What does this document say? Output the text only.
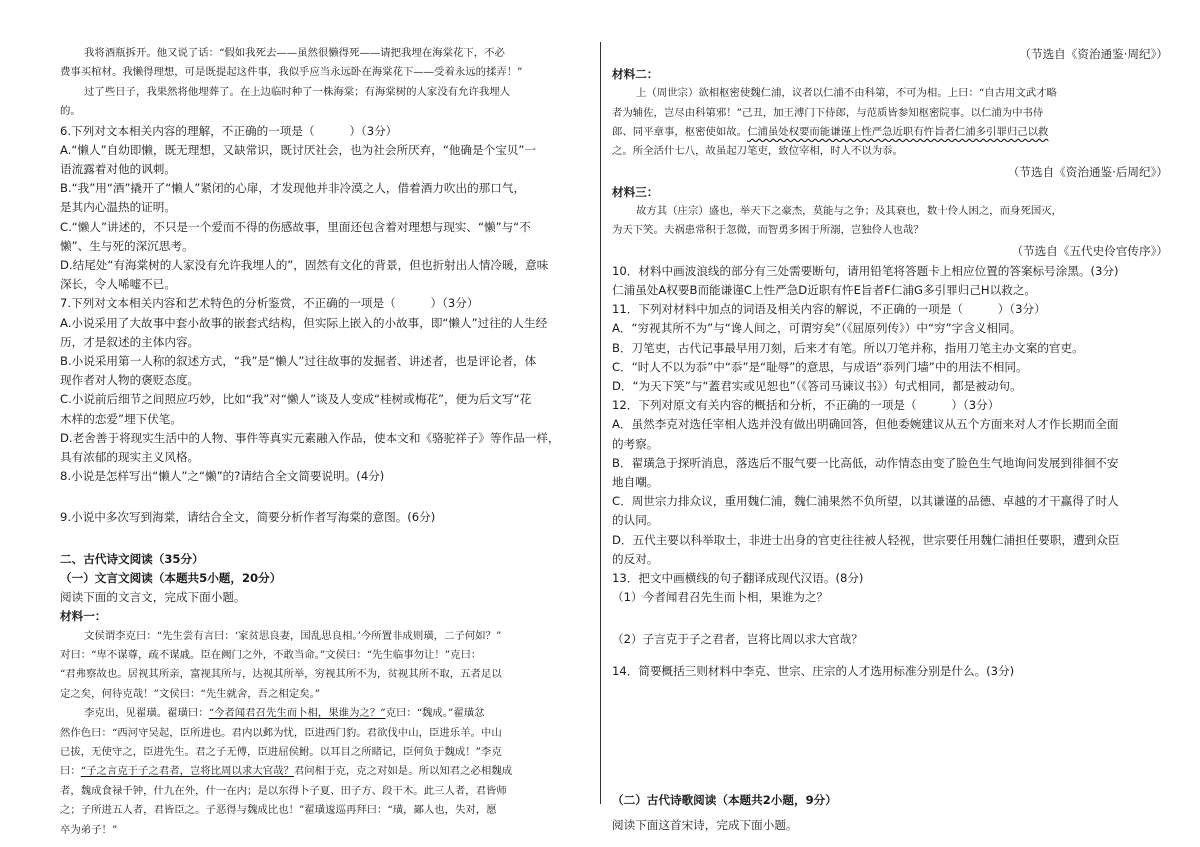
我将酒瓶拆开。他又说了话：“假如我死去——虽然很懒得死——请把我埋在海棠花下，不必
费事买棺材。我懒得理想，可是既提起这件事，我似乎应当永远卧在海棠花下——受着永远的揉弄！”
过了些日子，我果然将他埋葬了。在上边临时种了一株海棠；有海棠树的人家没有允许我埋人
的。
6.下列对文本相关内容的理解，不正确的一项是（　　　）（3分）
A.“懒人”自幼即懒，既无理想，又缺常识，既讨厌社会，也为社会所厌弃，“他确是个宝贝”一
语流露着对他的讽刺。
B.“我”用“酒”撬开了“懒人”紧闭的心扉，才发现他并非冷漠之人，借着酒力吹出的那口气，
是其内心温热的证明。
C.“懒人”讲述的，不只是一个爱而不得的伤感故事，里面还包含着对理想与现实、“懒”与“不
懒”、生与死的深沉思考。
D.结尾处“有海棠树的人家没有允许我埋人的”，固然有文化的背景，但也折射出人情冷暖，意味
深长，令人唏嘘不已。
7.下列对文本相关内容和艺术特色的分析鉴赏，不正确的一项是（　　　）（3分）
A.小说采用了大故事中套小故事的嵌套式结构，但实际上嵌入的小故事，即“懒人”过往的人生经
历，才是叙述的主体内容。
B.小说采用第一人称的叙述方式，“我”是“懒人”过往故事的发掘者、讲述者，也是评论者，体
现作者对人物的褒贬态度。
C.小说前后细节之间照应巧妙，比如“我”对“懒人”谈及人变成“桂树或梅花”，便为后文写“花
木样的恋爱”埋下伏笔。
D.老舍善于将现实生活中的人物、事件等真实元素融入作品，使本文和《骆驼祥子》等作品一样，
具有浓郁的现实主义风格。
8.小说是怎样写出“懒人”之“懒”的?请结合全文简要说明。(4分)
9.小说中多次写到海棠，请结合全文，简要分析作者写海棠的意图。(6分)
二、古代诗文阅读（35分）
（一）文言文阅读（本题共5小题，20分）
阅读下面的文言文，完成下面小题。
材料一：
文侯谓李克曰：“先生尝有言曰：‘家贫思良妻，国乱思良相。’今所置非成则璜，二子何如？”
对曰：“卑不谋尊，疏不谋戚。臣在阙门之外，不敢当命。”文侯曰：“先生临事勿让！”克曰：
“君弗察故也。居视其所亲，富视其所与，达视其所举，穷视其所不为，贫视其所不取，五者足以
定之矣，何待克哉！”文侯曰：“先生就舍，吾之相定矣。”
李克出，见翟璜。翟璜曰：“今者闻君召先生而卜相，果谁为之？”克曰：“魏成。”翟璜忿
然作色曰：“西河守吴起，臣所进也。君内以邺为忧，臣进西门豹。君欲伐中山，臣进乐羊。中山
已拔，无使守之，臣进先生。君之子无傅，臣进屈侯鲋。以耳目之所睹记，臣何负于魏成！”李克
曰：“子之言克于子之君者，岂将比周以求大官哉？君问相于克，克之对如是。所以知君之必相魏成
者，魏成食禄千钟，什九在外，什一在内；是以东得卜子夏、田子方、段干木。此三人者，君皆师
之；子所进五人者，君皆臣之。子恶得与魏成比也！”翟璜逡巡再拜曰：“璜，鄙人也，失对，愿
卒为弟子！”
（节选自《资治通鉴·周纪》）
材料二：
上（周世宗）欲相枢密使魏仁浦，议者以仁浦不由科第，不可为相。上曰：“自古用文武才略
者为辅佐，岂尽由科第邪！”己丑，加王溥门下侍郎，与范质皆参知枢密院事。以仁浦为中书侍
郎、同平章事，枢密使如故。仁浦虽处权要而能谦谨上性严急近职有忤旨者仁浦多引罪归己以救
之。所全活什七八，故虽起刀笔吏，致位宰相，时人不以为忝。
（节选自《资治通鉴·后周纪》）
材料三：
故方其（庄宗）盛也，举天下之豪杰，莫能与之争；及其衰也，数十伶人困之，而身死国灭，
为天下笑。夫祸患常积于忽微，而智勇多困于所溺，岂独伶人也哉？
（节选自《五代史伶官传序》）
10．材料中画波浪线的部分有三处需要断句，请用铅笔将答题卡上相应位置的答案标号涂黑。(3分)
仁浦虽处A权要B而能谦谨C上性严急D近职有忤E旨者F仁浦G多引罪归己H以救之。
11．下列对材料中加点的词语及相关内容的解说，不正确的一项是（　　　）（3分）
A．“穷视其所不为”与“谗人间之，可谓穷矣”（《屈原列传》）中“穷”字含义相同。
B．刀笔吏，古代记事最早用刀刻，后来才有笔。所以刀笔并称，指用刀笔主办文案的官吏。
C．“时人不以为忝”中“忝”是“耻辱”的意思，与成语“忝列门墙”中的用法不相同。
D．“为天下笑”与“蓋君实或见恕也”（《答司马谏议书》）句式相同，都是被动句。
12．下列对原文有关内容的概括和分析，不正确的一项是（　　　）（3分）
A．虽然李克对选任宰相人选并没有做出明确回答，但他委婉建议从五个方面来对人才作长期而全面
的考察。
B．翟璜急于探听消息，落选后不服气要一比高低，动作情态由变了脸色生气地询问发展到徘徊不安
地自嘲。
C．周世宗力排众议，重用魏仁浦，魏仁浦果然不负所望，以其谦谨的品德、卓越的才干赢得了时人
的认同。
D．五代主要以科举取士，非进士出身的官吏往往被人轻视，世宗要任用魏仁浦担任要职，遭到众臣
的反对。
13．把文中画横线的句子翻译成现代汉语。(8分)
（1）今者闻君召先生而卜相，果谁为之？
（2）子言克于子之君者，岂将比周以求大官哉？
14．简要概括三则材料中李克、世宗、庄宗的人才选用标准分别是什么。(3分)
（二）古代诗歌阅读（本题共2小题，9分）
阅读下面这首宋诗，完成下面小题。
